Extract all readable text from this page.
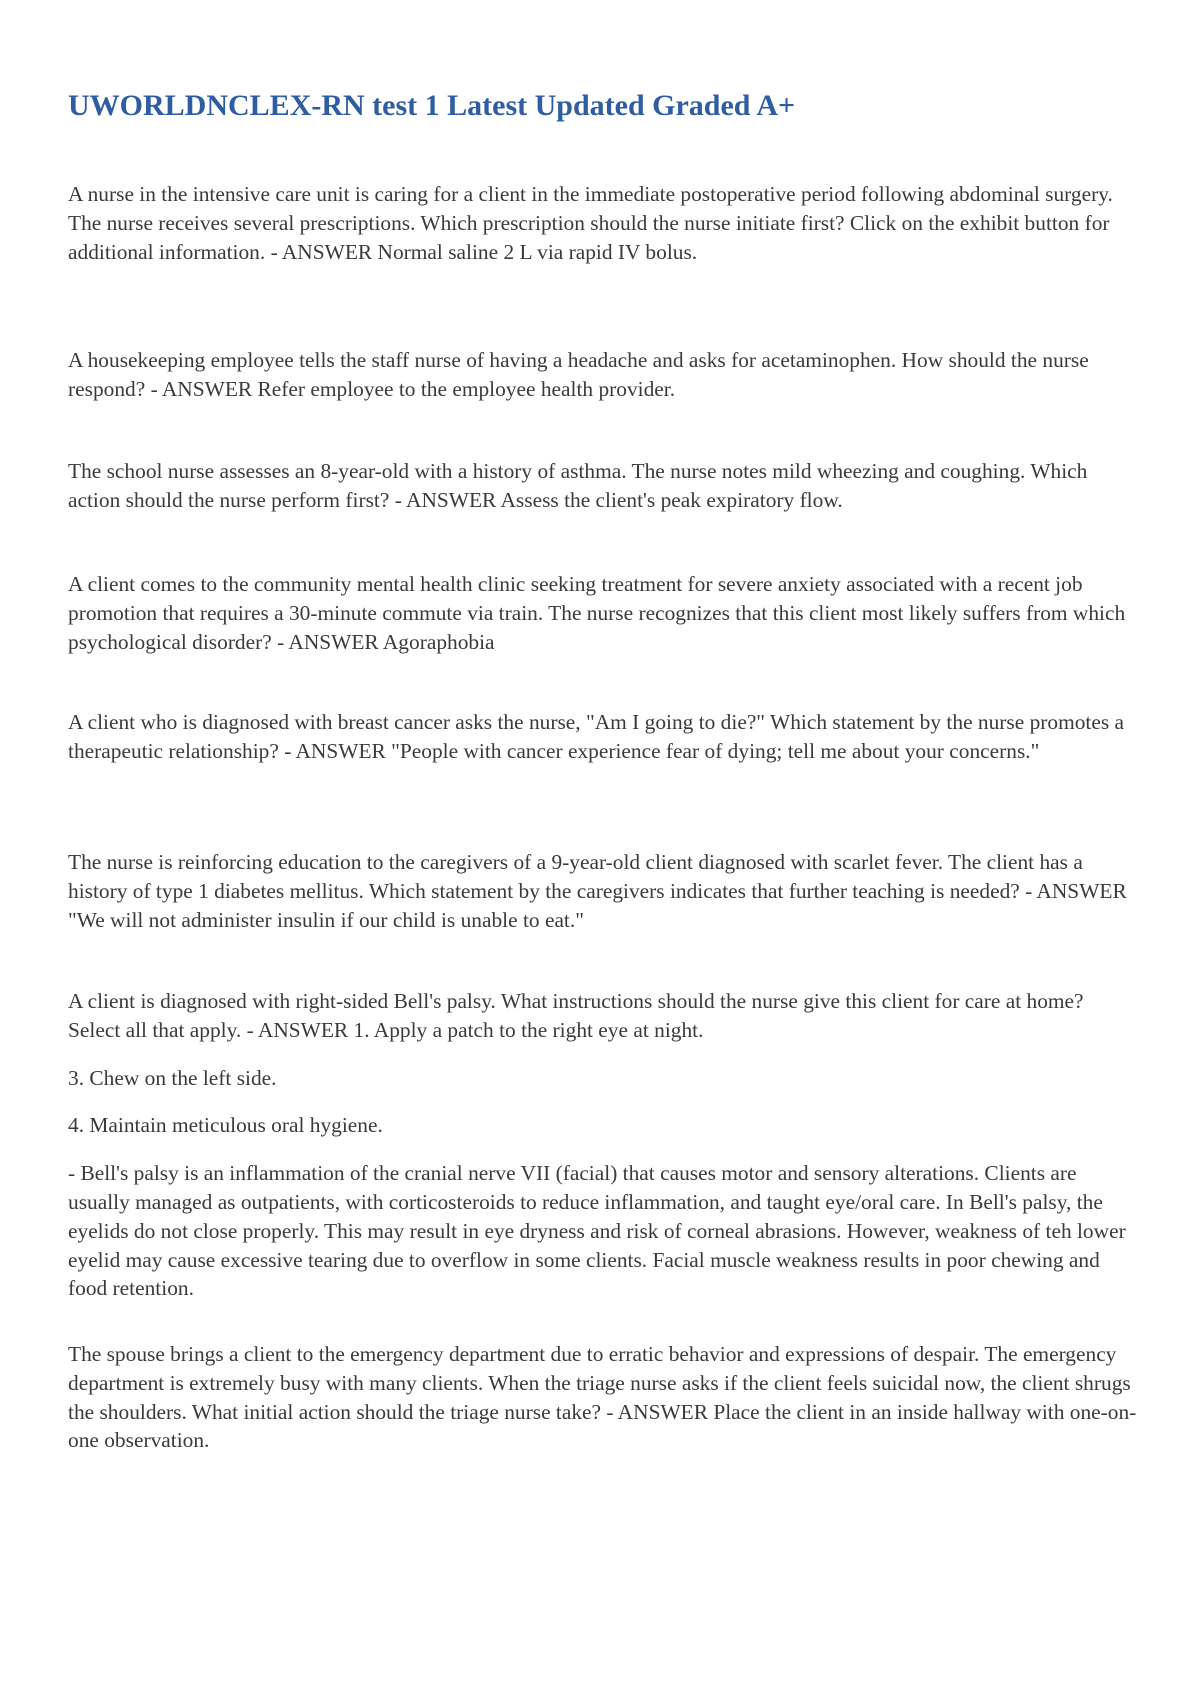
UWORLDNCLEX-RN test 1 Latest Updated Graded A+

A nurse in the intensive care unit is caring for a client in the immediate postoperative period following abdominal surgery. The nurse receives several prescriptions. Which prescription should the nurse initiate first? Click on the exhibit button for additional information. - ANSWER Normal saline 2 L via rapid IV bolus.

A housekeeping employee tells the staff nurse of having a headache and asks for acetaminophen. How should the nurse respond? - ANSWER Refer employee to the employee health provider.

The school nurse assesses an 8-year-old with a history of asthma. The nurse notes mild wheezing and coughing. Which action should the nurse perform first? - ANSWER Assess the client's peak expiratory flow.

A client comes to the community mental health clinic seeking treatment for severe anxiety associated with a recent job promotion that requires a 30-minute commute via train. The nurse recognizes that this client most likely suffers from which psychological disorder? - ANSWER Agoraphobia

A client who is diagnosed with breast cancer asks the nurse, "Am I going to die?" Which statement by the nurse promotes a therapeutic relationship? - ANSWER "People with cancer experience fear of dying; tell me about your concerns."

The nurse is reinforcing education to the caregivers of a 9-year-old client diagnosed with scarlet fever. The client has a history of type 1 diabetes mellitus. Which statement by the caregivers indicates that further teaching is needed? - ANSWER "We will not administer insulin if our child is unable to eat."

A client is diagnosed with right-sided Bell's palsy. What instructions should the nurse give this client for care at home? Select all that apply. - ANSWER 1. Apply a patch to the right eye at night.

3. Chew on the left side.

4. Maintain meticulous oral hygiene.

- Bell's palsy is an inflammation of the cranial nerve VII (facial) that causes motor and sensory alterations. Clients are usually managed as outpatients, with corticosteroids to reduce inflammation, and taught eye/oral care. In Bell's palsy, the eyelids do not close properly. This may result in eye dryness and risk of corneal abrasions. However, weakness of teh lower eyelid may cause excessive tearing due to overflow in some clients. Facial muscle weakness results in poor chewing and food retention.

The spouse brings a client to the emergency department due to erratic behavior and expressions of despair. The emergency department is extremely busy with many clients. When the triage nurse asks if the client feels suicidal now, the client shrugs the shoulders. What initial action should the triage nurse take? - ANSWER Place the client in an inside hallway with one-on-one observation.
